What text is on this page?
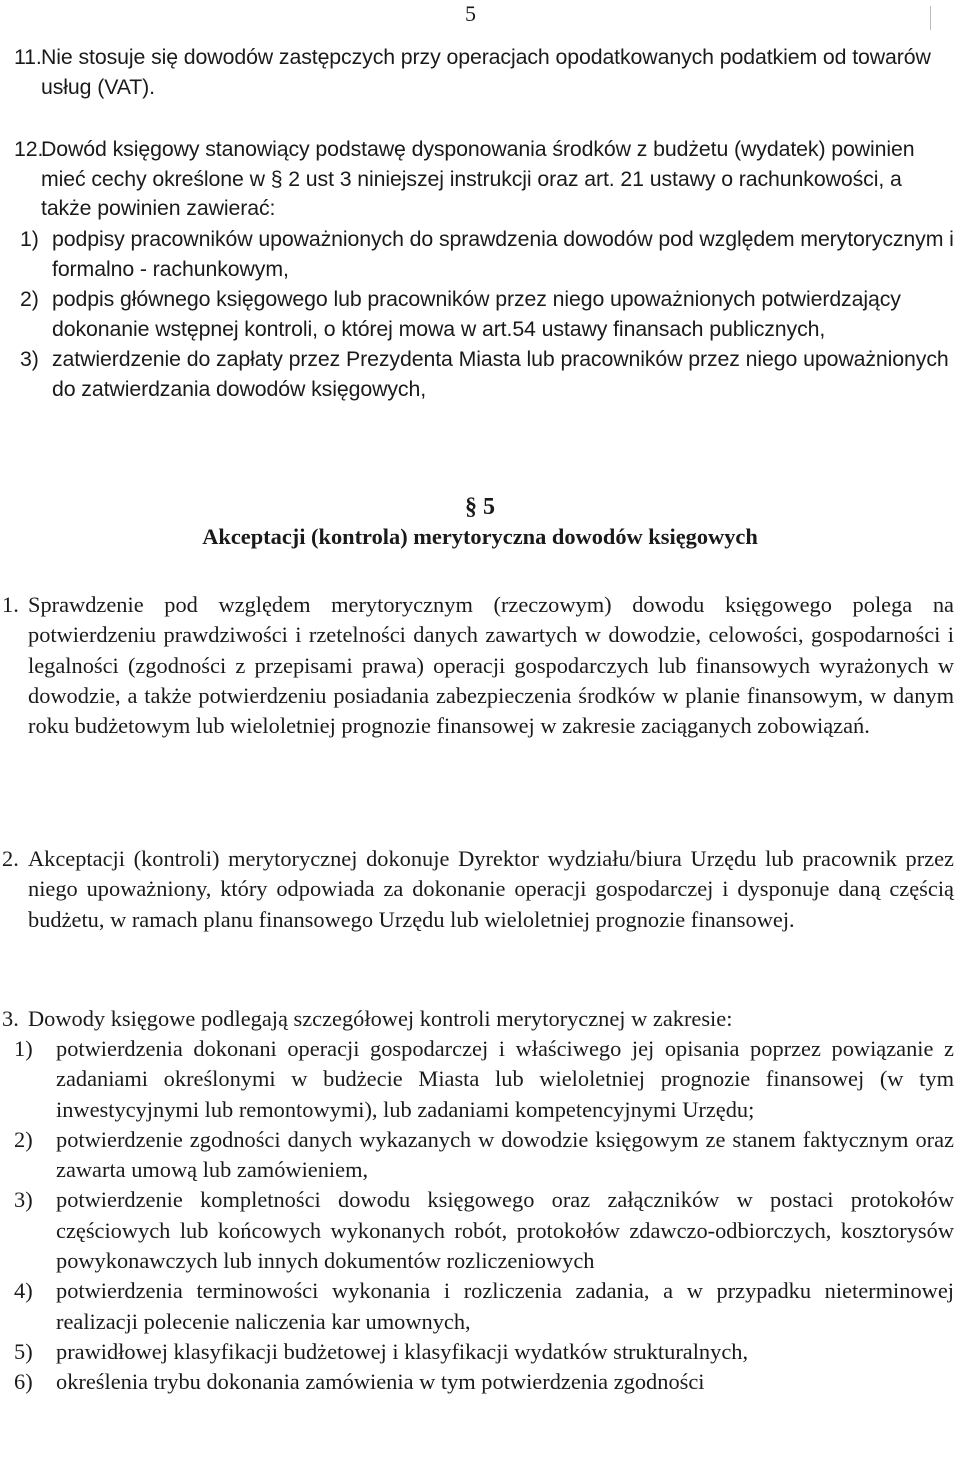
5
11. Nie stosuje się dowodów zastępczych przy operacjach opodatkowanych podatkiem od towarów usług (VAT).
12.
Dowód księgowy stanowiący podstawę dysponowania środków z budżetu (wydatek) powinien mieć cechy określone w § 2 ust 3 niniejszej instrukcji oraz art. 21 ustawy o rachunkowości, a także powinien zawierać:
1) podpisy pracowników upoważnionych do sprawdzenia dowodów pod względem merytorycznym i formalno - rachunkowym,
2) podpis głównego księgowego lub pracowników przez niego upoważnionych potwierdzający dokonanie wstępnej kontroli, o której mowa w art.54 ustawy finansach publicznych,
3) zatwierdzenie do zapłaty przez Prezydenta Miasta lub pracowników przez niego upoważnionych do zatwierdzania dowodów księgowych,
§ 5
Akceptacji (kontrola) merytoryczna dowodów księgowych
1. Sprawdzenie pod względem merytorycznym (rzeczowym) dowodu księgowego polega na potwierdzeniu prawdziwości i rzetelności danych zawartych w dowodzie, celowości, gospodarności i legalności (zgodności z przepisami prawa) operacji gospodarczych lub finansowych wyrażonych w dowodzie, a także potwierdzeniu posiadania zabezpieczenia środków w planie finansowym, w danym roku budżetowym lub wieloletniej prognozie finansowej w zakresie zaciąganych zobowiązań.
2. Akceptacji (kontroli) merytorycznej dokonuje Dyrektor wydziału/biura Urzędu lub pracownik przez niego upoważniony, który odpowiada za dokonanie operacji gospodarczej i dysponuje daną częścią budżetu, w ramach planu finansowego Urzędu lub wieloletniej prognozie finansowej.
3. Dowody księgowe podlegają szczegółowej kontroli merytorycznej w zakresie:
1) potwierdzenia dokonani operacji gospodarczej i właściwego jej opisania poprzez powiązanie z zadaniami określonymi w budżecie Miasta lub wieloletniej prognozie finansowej (w tym inwestycyjnymi lub remontowymi), lub zadaniami kompetencyjnymi Urzędu;
2) potwierdzenie zgodności danych wykazanych w dowodzie księgowym ze stanem faktycznym oraz zawarta umową lub zamówieniem,
3) potwierdzenie kompletności dowodu księgowego oraz załączników w postaci protokołów częściowych lub końcowych wykonanych robót, protokołów zdawczo-odbiorczych, kosztorysów powykonawczych lub innych dokumentów rozliczeniowych
4) potwierdzenia terminowości wykonania i rozliczenia zadania, a w przypadku nieterminowej realizacji polecenie naliczenia kar umownych,
5) prawidłowej klasyfikacji budżetowej i klasyfikacji wydatków strukturalnych,
6) określenia trybu dokonania zamówienia w tym potwierdzenia zgodności
